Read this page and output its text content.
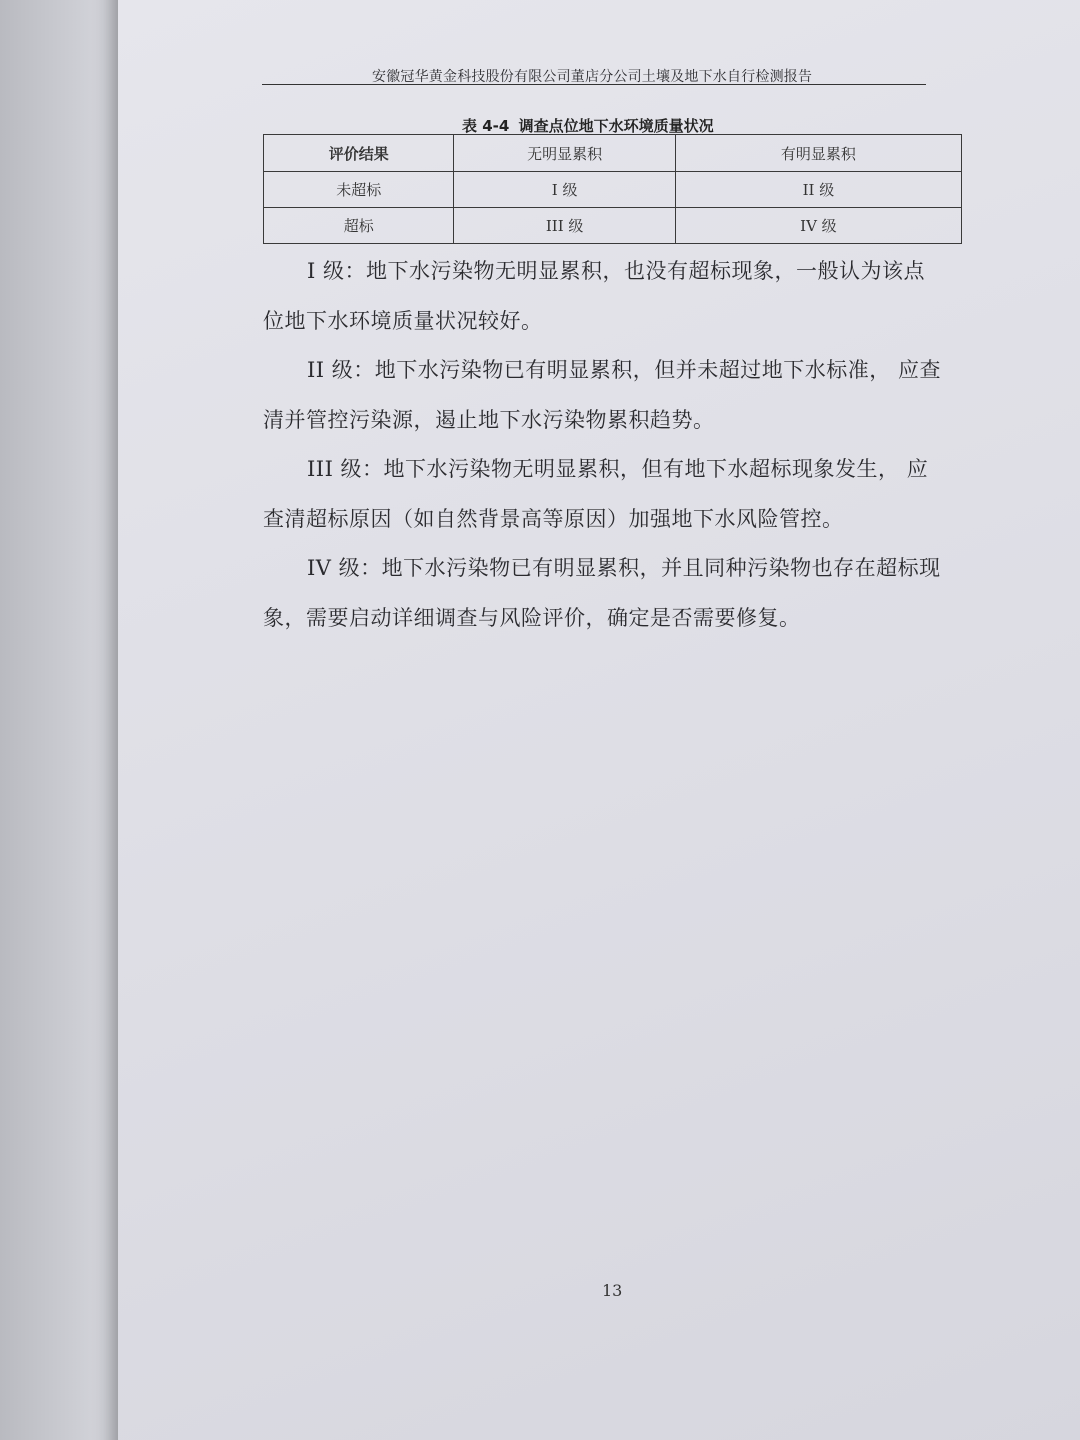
安徽冠华黄金科技股份有限公司董店分公司土壤及地下水自行检测报告
表 4-4 调查点位地下水环境质量状况
评价结果	无明显累积	有明显累积
未超标	I 级	II 级
超标	III 级	IV 级

I 级：地下水污染物无明显累积，也没有超标现象，一般认为该点位地下水环境质量状况较好。

II 级：地下水污染物已有明显累积，但并未超过地下水标准， 应查清并管控污染源，遏止地下水污染物累积趋势。

III 级：地下水污染物无明显累积，但有地下水超标现象发生， 应查清超标原因（如自然背景高等原因）加强地下水风险管控。

IV 级：地下水污染物已有明显累积，并且同种污染物也存在超标现象，需要启动详细调查与风险评价，确定是否需要修复。

13
